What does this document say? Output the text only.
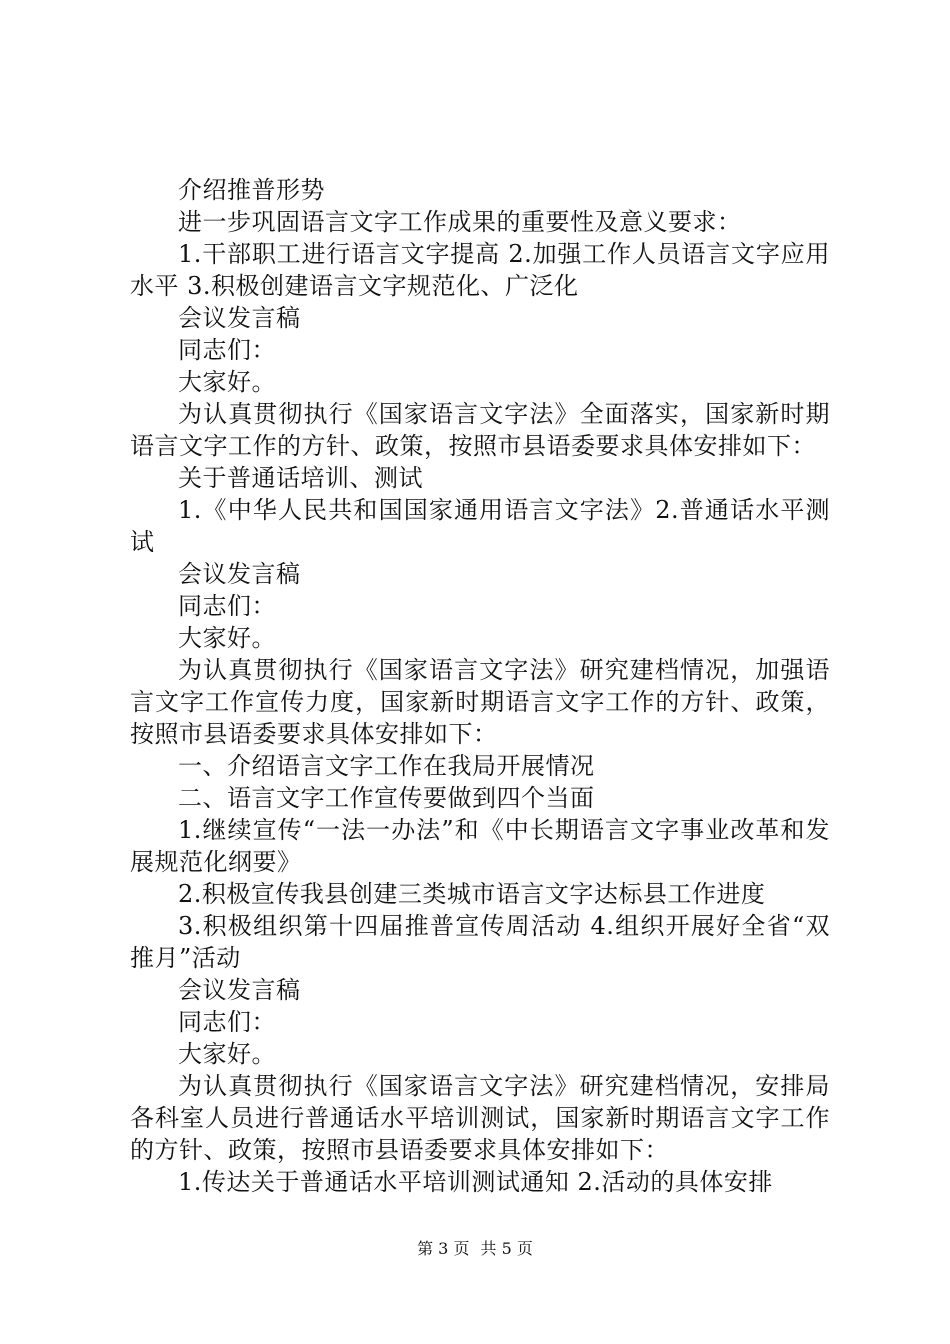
介绍推普形势

进一步巩固语言文字工作成果的重要性及意义要求：

1.干部职工进行语言文字提高 2.加强工作人员语言文字应用水平 3.积极创建语言文字规范化、广泛化

会议发言稿

同志们：

大家好。

为认真贯彻执行《国家语言文字法》全面落实，国家新时期语言文字工作的方针、政策，按照市县语委要求具体安排如下：

关于普通话培训、测试

1.《中华人民共和国国家通用语言文字法》2.普通话水平测试

会议发言稿

同志们：

大家好。

为认真贯彻执行《国家语言文字法》研究建档情况，加强语言文字工作宣传力度，国家新时期语言文字工作的方针、政策，按照市县语委要求具体安排如下：

一、介绍语言文字工作在我局开展情况

二、语言文字工作宣传要做到四个当面

1.继续宣传“一法一办法”和《中长期语言文字事业改革和发展规范化纲要》

2.积极宣传我县创建三类城市语言文字达标县工作进度

3.积极组织第十四届推普宣传周活动 4.组织开展好全省“双推月”活动

会议发言稿

同志们：

大家好。

为认真贯彻执行《国家语言文字法》研究建档情况，安排局各科室人员进行普通话水平培训测试，国家新时期语言文字工作的方针、政策，按照市县语委要求具体安排如下：

1.传达关于普通话水平培训测试通知 2.活动的具体安排

第 3 页 共 5 页
